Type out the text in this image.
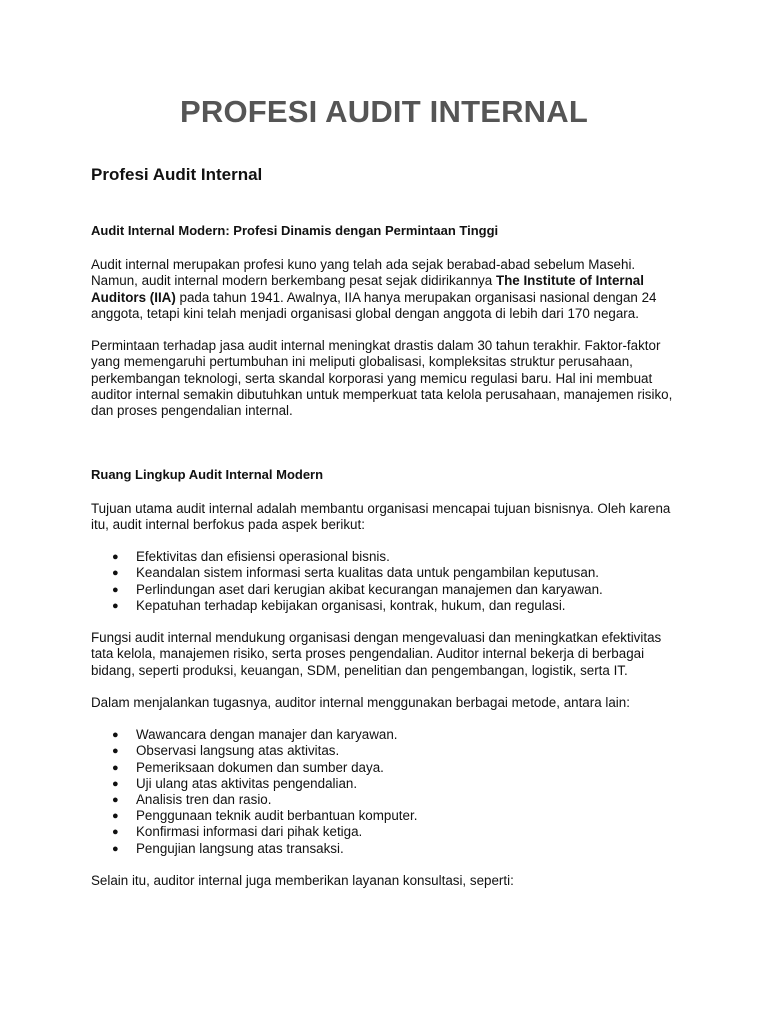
PROFESI AUDIT INTERNAL
Profesi Audit Internal
Audit Internal Modern: Profesi Dinamis dengan Permintaan Tinggi

Audit internal merupakan profesi kuno yang telah ada sejak berabad-abad sebelum Masehi. Namun, audit internal modern berkembang pesat sejak didirikannya The Institute of Internal Auditors (IIA) pada tahun 1941. Awalnya, IIA hanya merupakan organisasi nasional dengan 24 anggota, tetapi kini telah menjadi organisasi global dengan anggota di lebih dari 170 negara.

Permintaan terhadap jasa audit internal meningkat drastis dalam 30 tahun terakhir. Faktor-faktor yang memengaruhi pertumbuhan ini meliputi globalisasi, kompleksitas struktur perusahaan, perkembangan teknologi, serta skandal korporasi yang memicu regulasi baru. Hal ini membuat auditor internal semakin dibutuhkan untuk memperkuat tata kelola perusahaan, manajemen risiko, dan proses pengendalian internal.

Ruang Lingkup Audit Internal Modern

Tujuan utama audit internal adalah membantu organisasi mencapai tujuan bisnisnya. Oleh karena itu, audit internal berfokus pada aspek berikut:

● Efektivitas dan efisiensi operasional bisnis.
● Keandalan sistem informasi serta kualitas data untuk pengambilan keputusan.
● Perlindungan aset dari kerugian akibat kecurangan manajemen dan karyawan.
● Kepatuhan terhadap kebijakan organisasi, kontrak, hukum, dan regulasi.

Fungsi audit internal mendukung organisasi dengan mengevaluasi dan meningkatkan efektivitas tata kelola, manajemen risiko, serta proses pengendalian. Auditor internal bekerja di berbagai bidang, seperti produksi, keuangan, SDM, penelitian dan pengembangan, logistik, serta IT.

Dalam menjalankan tugasnya, auditor internal menggunakan berbagai metode, antara lain:

● Wawancara dengan manajer dan karyawan.
● Observasi langsung atas aktivitas.
● Pemeriksaan dokumen dan sumber daya.
● Uji ulang atas aktivitas pengendalian.
● Analisis tren dan rasio.
● Penggunaan teknik audit berbantuan komputer.
● Konfirmasi informasi dari pihak ketiga.
● Pengujian langsung atas transaksi.

Selain itu, auditor internal juga memberikan layanan konsultasi, seperti:
